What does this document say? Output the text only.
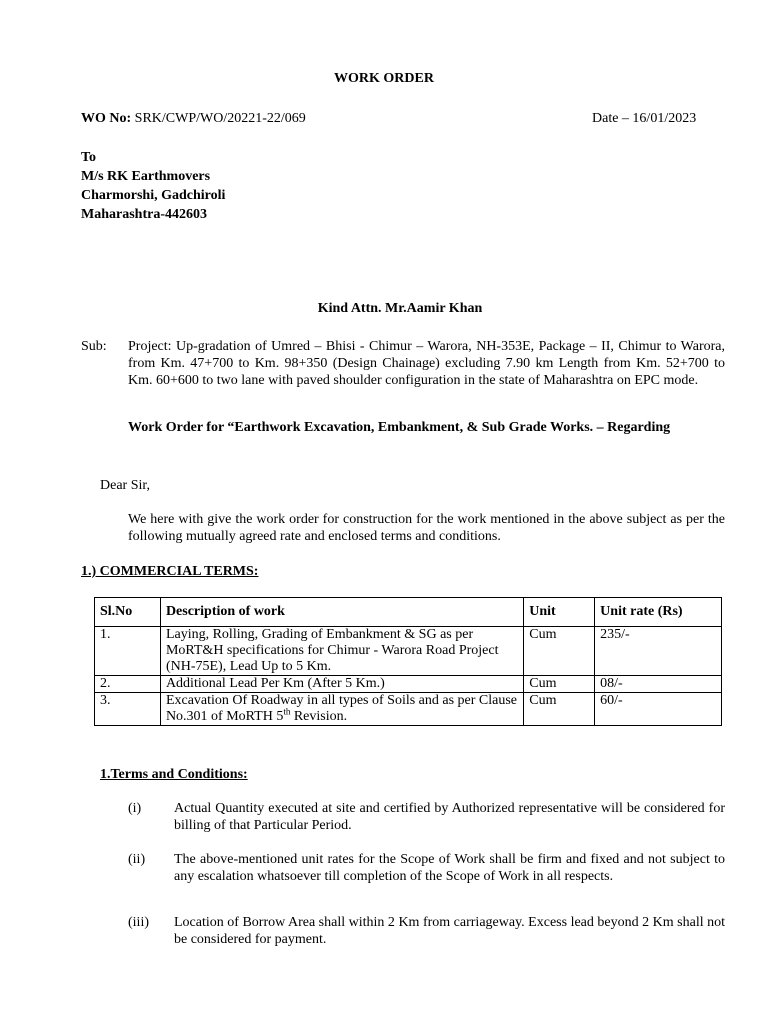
WORK ORDER
WO No: SRK/CWP/WO/20221-22/069	Date – 16/01/2023
To
M/s RK Earthmovers
Charmorshi, Gadchiroli
Maharashtra-442603
Kind Attn. Mr.Aamir Khan
Sub: Project: Up-gradation of Umred – Bhisi - Chimur – Warora, NH-353E, Package – II, Chimur to Warora, from Km. 47+700 to Km. 98+350 (Design Chainage) excluding 7.90 km Length from Km. 52+700 to Km. 60+600 to two lane with paved shoulder configuration in the state of Maharashtra on EPC mode.
Work Order for “Earthwork Excavation, Embankment, & Sub Grade Works. – Regarding
Dear Sir,
We here with give the work order for construction for the work mentioned in the above subject as per the following mutually agreed rate and enclosed terms and conditions.
1.) COMMERCIAL TERMS:
Sl.No	Description of work	Unit	Unit rate (Rs)
1.	Laying, Rolling, Grading of Embankment & SG as per MoRT&H specifications for Chimur - Warora Road Project (NH-75E), Lead Up to 5 Km.	Cum	235/-
2.	Additional Lead Per Km (After 5 Km.)	Cum	08/-
3.	Excavation Of Roadway in all types of Soils and as per Clause No.301 of MoRTH 5th Revision.	Cum	60/-
1.Terms and Conditions:
(i) Actual Quantity executed at site and certified by Authorized representative will be considered for billing of that Particular Period.
(ii) The above-mentioned unit rates for the Scope of Work shall be firm and fixed and not subject to any escalation whatsoever till completion of the Scope of Work in all respects.
(iii) Location of Borrow Area shall within 2 Km from carriageway. Excess lead beyond 2 Km shall not be considered for payment.
